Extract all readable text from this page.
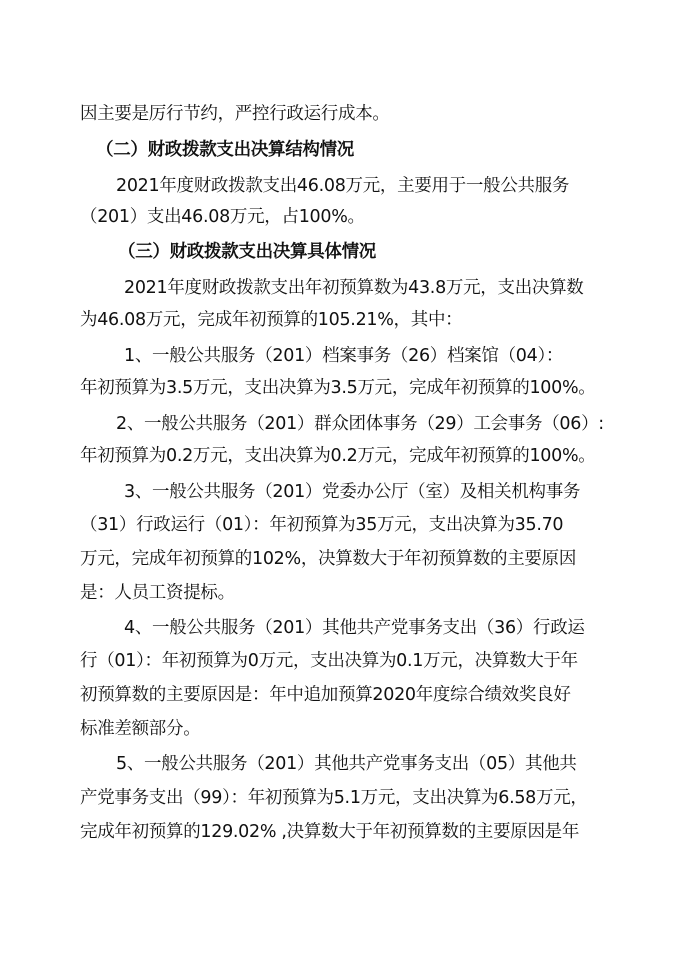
因主要是厉行节约，严控行政运行成本。
（二）财政拨款支出决算结构情况
2021年度财政拨款支出46.08万元，主要用于一般公共服务
（201）支出46.08万元，占100%。
（三）财政拨款支出决算具体情况
2021年度财政拨款支出年初预算数为43.8万元，支出决算数
为46.08万元，完成年初预算的105.21%，其中：
1、一般公共服务（201）档案事务（26）档案馆（04）：
年初预算为3.5万元，支出决算为3.5万元，完成年初预算的100%。
2、一般公共服务（201）群众团体事务（29）工会事务（06）:
年初预算为0.2万元，支出决算为0.2万元，完成年初预算的100%。
3、一般公共服务（201）党委办公厅（室）及相关机构事务
（31）行政运行（01）：年初预算为35万元，支出决算为35.70
万元，完成年初预算的102%，决算数大于年初预算数的主要原因
是：人员工资提标。
4、一般公共服务（201）其他共产党事务支出（36）行政运
行（01）：年初预算为0万元，支出决算为0.1万元，决算数大于年
初预算数的主要原因是：年中追加预算2020年度综合绩效奖良好
标准差额部分。
5、一般公共服务（201）其他共产党事务支出（05）其他共
产党事务支出（99）：年初预算为5.1万元，支出决算为6.58万元，
完成年初预算的129.02% ,决算数大于年初预算数的主要原因是年
